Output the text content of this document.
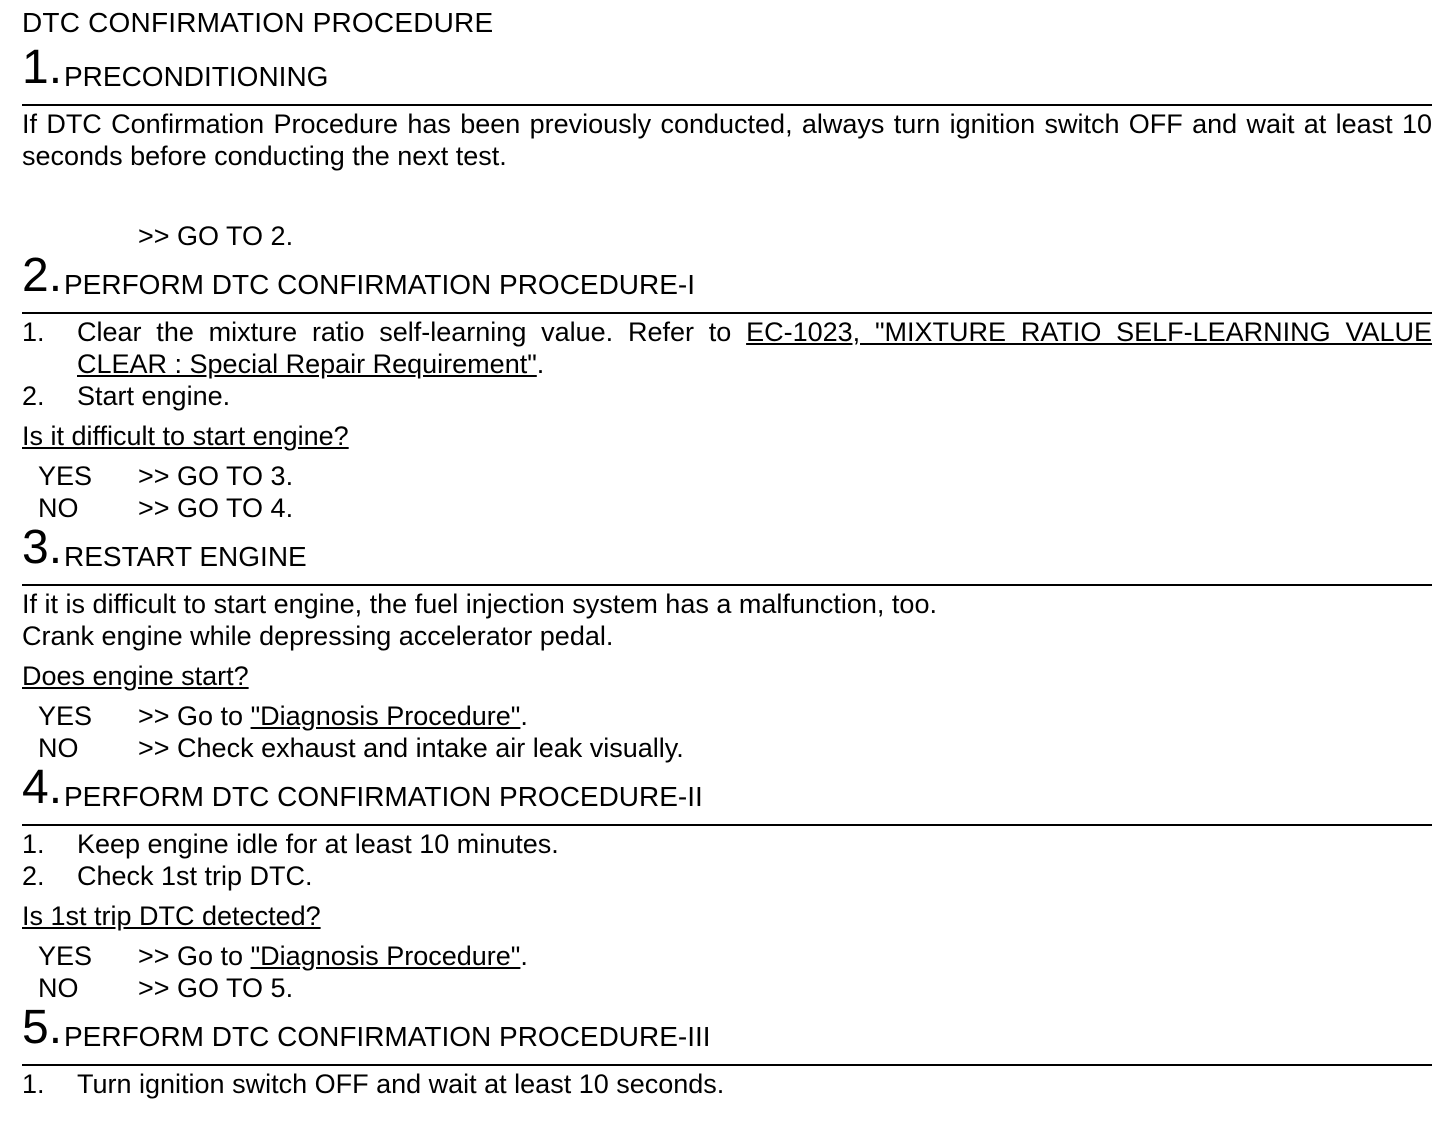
DTC CONFIRMATION PROCEDURE
1. PRECONDITIONING
If DTC Confirmation Procedure has been previously conducted, always turn ignition switch OFF and wait at least 10 seconds before conducting the next test.
>> GO TO 2.
2. PERFORM DTC CONFIRMATION PROCEDURE-I
1. Clear the mixture ratio self-learning value. Refer to EC-1023, "MIXTURE RATIO SELF-LEARNING VALUE CLEAR : Special Repair Requirement".
2. Start engine.
Is it difficult to start engine?
YES >> GO TO 3.
NO >> GO TO 4.
3. RESTART ENGINE
If it is difficult to start engine, the fuel injection system has a malfunction, too.
Crank engine while depressing accelerator pedal.
Does engine start?
YES >> Go to "Diagnosis Procedure".
NO >> Check exhaust and intake air leak visually.
4. PERFORM DTC CONFIRMATION PROCEDURE-II
1. Keep engine idle for at least 10 minutes.
2. Check 1st trip DTC.
Is 1st trip DTC detected?
YES >> Go to "Diagnosis Procedure".
NO >> GO TO 5.
5. PERFORM DTC CONFIRMATION PROCEDURE-III
1. Turn ignition switch OFF and wait at least 10 seconds.
